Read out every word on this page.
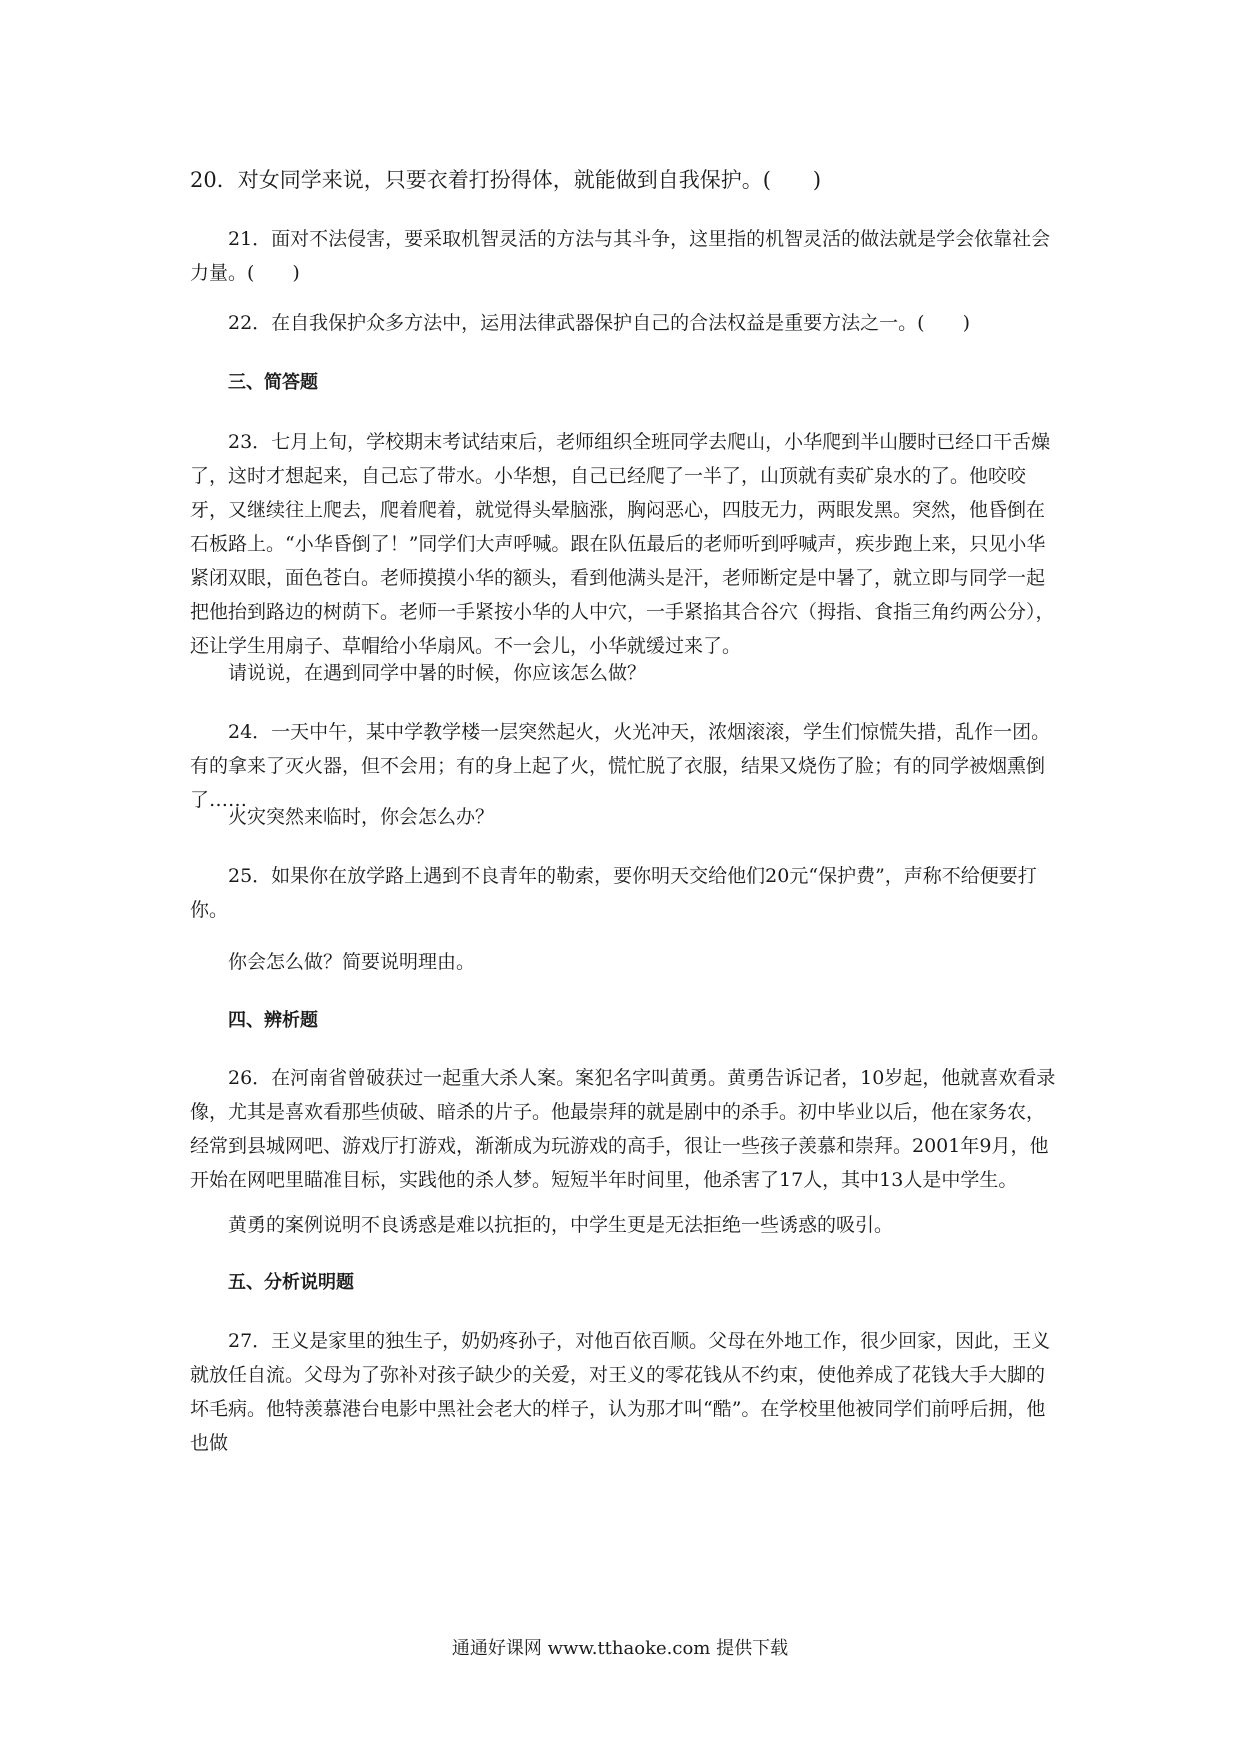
20．对女同学来说，只要衣着打扮得体，就能做到自我保护。(　　)

21．面对不法侵害，要采取机智灵活的方法与其斗争，这里指的机智灵活的做法就是学会依靠社会力量。(　　)

22．在自我保护众多方法中，运用法律武器保护自己的合法权益是重要方法之一。(　　)

三、简答题

23．七月上旬，学校期末考试结束后，老师组织全班同学去爬山，小华爬到半山腰时已经口干舌燥了，这时才想起来，自己忘了带水。小华想，自己已经爬了一半了，山顶就有卖矿泉水的了。他咬咬牙，又继续往上爬去，爬着爬着，就觉得头晕脑涨，胸闷恶心，四肢无力，两眼发黑。突然，他昏倒在石板路上。“小华昏倒了！”同学们大声呼喊。跟在队伍最后的老师听到呼喊声，疾步跑上来，只见小华紧闭双眼，面色苍白。老师摸摸小华的额头，看到他满头是汗，老师断定是中暑了，就立即与同学一起把他抬到路边的树荫下。老师一手紧按小华的人中穴，一手紧掐其合谷穴（拇指、食指三角约两公分），还让学生用扇子、草帽给小华扇风。不一会儿，小华就缓过来了。

请说说，在遇到同学中暑的时候，你应该怎么做？

24．一天中午，某中学教学楼一层突然起火，火光冲天，浓烟滚滚，学生们惊慌失措，乱作一团。有的拿来了灭火器，但不会用；有的身上起了火，慌忙脱了衣服，结果又烧伤了脸；有的同学被烟熏倒了……

火灾突然来临时，你会怎么办？

25．如果你在放学路上遇到不良青年的勒索，要你明天交给他们20元“保护费”，声称不给便要打你。

你会怎么做？简要说明理由。

四、辨析题

26．在河南省曾破获过一起重大杀人案。案犯名字叫黄勇。黄勇告诉记者，10岁起，他就喜欢看录像，尤其是喜欢看那些侦破、暗杀的片子。他最崇拜的就是剧中的杀手。初中毕业以后，他在家务农，经常到县城网吧、游戏厅打游戏，渐渐成为玩游戏的高手，很让一些孩子羡慕和崇拜。2001年9月，他开始在网吧里瞄准目标，实践他的杀人梦。短短半年时间里，他杀害了17人，其中13人是中学生。

黄勇的案例说明不良诱惑是难以抗拒的，中学生更是无法拒绝一些诱惑的吸引。

五、分析说明题

27．王义是家里的独生子，奶奶疼孙子，对他百依百顺。父母在外地工作，很少回家，因此，王义就放任自流。父母为了弥补对孩子缺少的关爱，对王义的零花钱从不约束，使他养成了花钱大手大脚的坏毛病。他特羡慕港台电影中黑社会老大的样子，认为那才叫“酷”。在学校里他被同学们前呼后拥，他也做

通通好课网 www.tthaoke.com 提供下载
